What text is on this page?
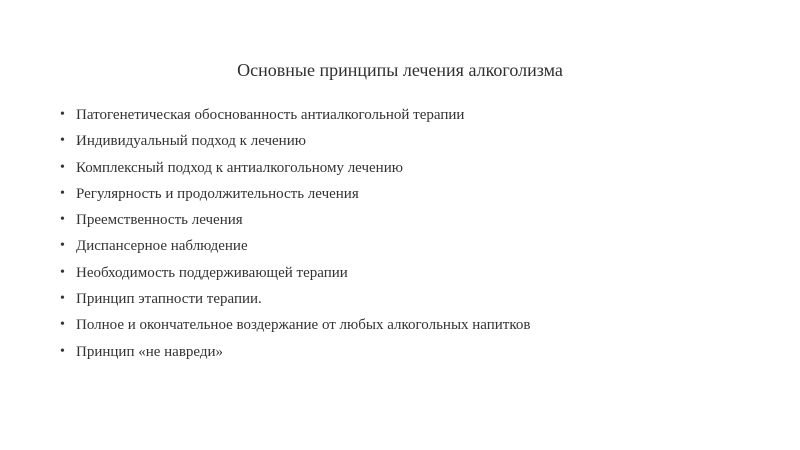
Основные принципы лечения алкоголизма
• Патогенетическая обоснованность антиалкогольной терапии
• Индивидуальный подход к лечению
• Комплексный подход к антиалкогольному лечению
• Регулярность и продолжительность лечения
• Преемственность лечения
• Диспансерное наблюдение
• Необходимость поддерживающей терапии
• Принцип этапности терапии.
• Полное и окончательное воздержание от любых алкогольных напитков
• Принцип «не навреди»
